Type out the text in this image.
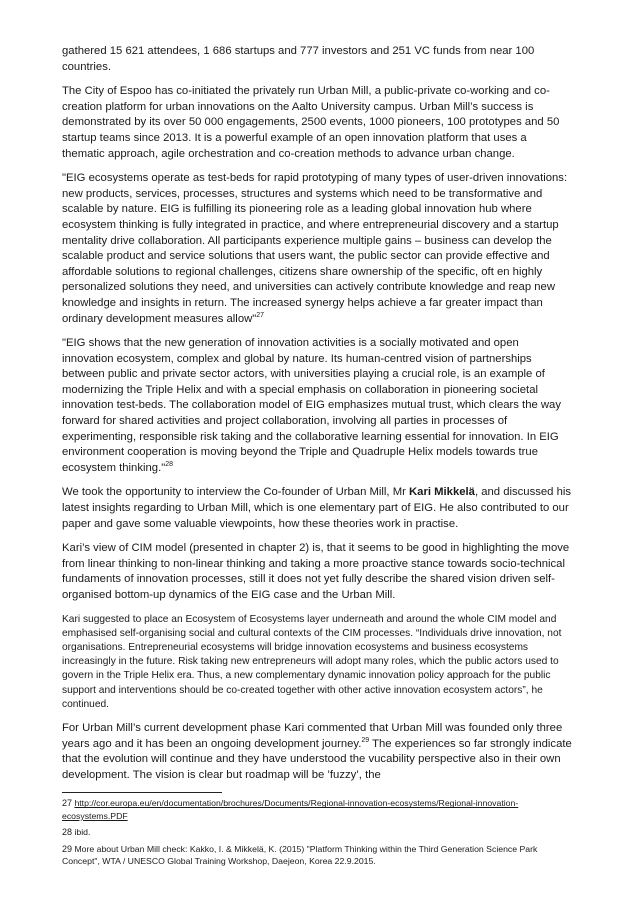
gathered 15 621 attendees, 1 686 startups and 777 investors and 251 VC funds from near 100 countries.

The City of Espoo has co-initiated the privately run Urban Mill, a public-private co-working and co-creation platform for urban innovations on the Aalto University campus. Urban Mill’s success is demonstrated by its over 50 000 engagements, 2500 events, 1000 pioneers, 100 prototypes and 50 startup teams since 2013. It is a powerful example of an open innovation platform that uses a thematic approach, agile orchestration and co-creation methods to advance urban change.

"EIG ecosystems operate as test-beds for rapid prototyping of many types of user-driven innovations: new products, services, processes, structures and systems which need to be transformative and scalable by nature. EIG is fulfilling its pioneering role as a leading global innovation hub where ecosystem thinking is fully integrated in practice, and where entrepreneurial discovery and a startup mentality drive collaboration. All participants experience multiple gains – business can develop the scalable product and service solutions that users want, the public sector can provide effective and affordable solutions to regional challenges, citizens share ownership of the specific, oft en highly personalized solutions they need, and universities can actively contribute knowledge and reap new knowledge and insights in return. The increased synergy helps achieve a far greater impact than ordinary development measures allow"$^{27}$

"EIG shows that the new generation of innovation activities is a socially motivated and open innovation ecosystem, complex and global by nature. Its human-centred vision of partnerships between public and private sector actors, with universities playing a crucial role, is an example of modernizing the Triple Helix and with a special emphasis on collaboration in pioneering societal innovation test-beds. The collaboration model of EIG emphasizes mutual trust, which clears the way forward for shared activities and project collaboration, involving all parties in processes of experimenting, responsible risk taking and the collaborative learning essential for innovation. In EIG environment cooperation is moving beyond the Triple and Quadruple Helix models towards true ecosystem thinking."$^{28}$

We took the opportunity to interview the Co-founder of Urban Mill, Mr Kari Mikkelä, and discussed his latest insights regarding to Urban Mill, which is one elementary part of EIG. He also contributed to our paper and gave some valuable viewpoints, how these theories work in practise.

Kari’s view of CIM model (presented in chapter 2) is, that it seems to be good in highlighting the move from linear thinking to non-linear thinking and taking a more proactive stance towards socio-technical fundaments of innovation processes, still it does not yet fully describe the shared vision driven self-organised bottom-up dynamics of the EIG case and the Urban Mill.

Kari suggested to place an Ecosystem of Ecosystems layer underneath and around the whole CIM model and emphasised self-organising social and cultural contexts of the CIM processes. “Individuals drive innovation, not organisations. Entrepreneurial ecosystems will bridge innovation ecosystems and business ecosystems increasingly in the future. Risk taking new entrepreneurs will adopt many roles, which the public actors used to govern in the Triple Helix era. Thus, a new complementary dynamic innovation policy approach for the public support and interventions should be co-created together with other active innovation ecosystem actors”, he continued.

For Urban Mill’s current development phase Kari commented that Urban Mill was founded only three years ago and it has been an ongoing development journey.$^{29}$ The experiences so far strongly indicate that the evolution will continue and they have understood the vucability perspective also in their own development. The vision is clear but roadmap will be ’fuzzy’, the

27 http://cor.europa.eu/en/documentation/brochures/Documents/Regional-innovation-ecosystems/Regional-innovation-ecosystems.PDF
28 ibid.
29 More about Urban Mill check: Kakko, I. & Mikkelä, K. (2015) "Platform Thinking within the Third Generation Science Park Concept", WTA / UNESCO Global Training Workshop, Daejeon, Korea 22.9.2015.
